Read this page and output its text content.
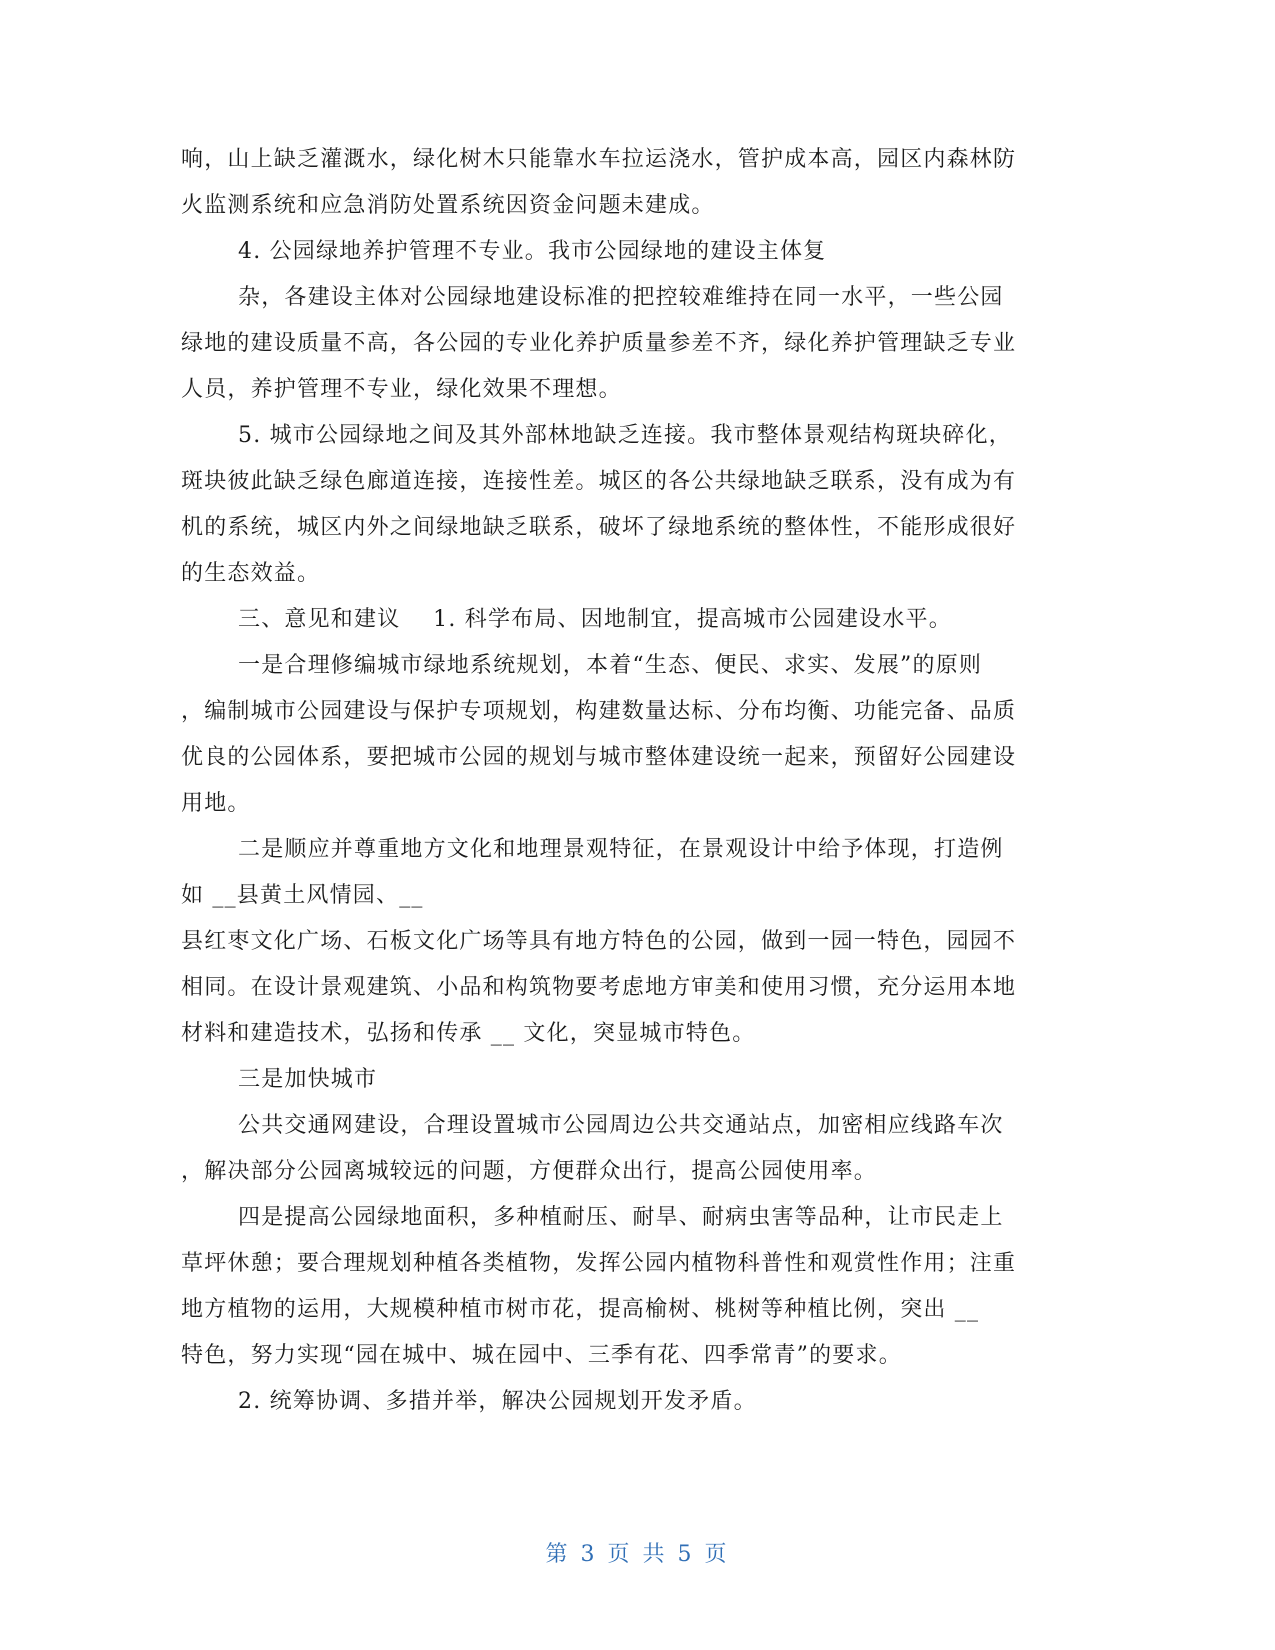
响，山上缺乏灌溉水，绿化树木只能靠水车拉运浇水，管护成本高，园区内森林防
火监测系统和应急消防处置系统因资金问题未建成。
4. 公园绿地养护管理不专业。我市公园绿地的建设主体复
杂，各建设主体对公园绿地建设标准的把控较难维持在同一水平，一些公园
绿地的建设质量不高，各公园的专业化养护质量参差不齐，绿化养护管理缺乏专业
人员，养护管理不专业，绿化效果不理想。
5. 城市公园绿地之间及其外部林地缺乏连接。我市整体景观结构斑块碎化，
斑块彼此缺乏绿色廊道连接，连接性差。城区的各公共绿地缺乏联系，没有成为有
机的系统，城区内外之间绿地缺乏联系，破坏了绿地系统的整体性，不能形成很好
的生态效益。
三、意见和建议    1. 科学布局、因地制宜，提高城市公园建设水平。
一是合理修编城市绿地系统规划，本着“生态、便民、求实、发展”的原则
，编制城市公园建设与保护专项规划，构建数量达标、分布均衡、功能完备、品质
优良的公园体系，要把城市公园的规划与城市整体建设统一起来，预留好公园建设
用地。
二是顺应并尊重地方文化和地理景观特征，在景观设计中给予体现，打造例
如 __县黄土风情园、__
县红枣文化广场、石板文化广场等具有地方特色的公园，做到一园一特色，园园不
相同。在设计景观建筑、小品和构筑物要考虑地方审美和使用习惯，充分运用本地
材料和建造技术，弘扬和传承 __ 文化，突显城市特色。
三是加快城市
公共交通网建设，合理设置城市公园周边公共交通站点，加密相应线路车次
，解决部分公园离城较远的问题，方便群众出行，提高公园使用率。
四是提高公园绿地面积，多种植耐压、耐旱、耐病虫害等品种，让市民走上
草坪休憩；要合理规划种植各类植物，发挥公园内植物科普性和观赏性作用；注重
地方植物的运用，大规模种植市树市花，提高榆树、桃树等种植比例，突出 __
特色，努力实现“园在城中、城在园中、三季有花、四季常青”的要求。
2. 统筹协调、多措并举，解决公园规划开发矛盾。
第 3 页 共 5 页
